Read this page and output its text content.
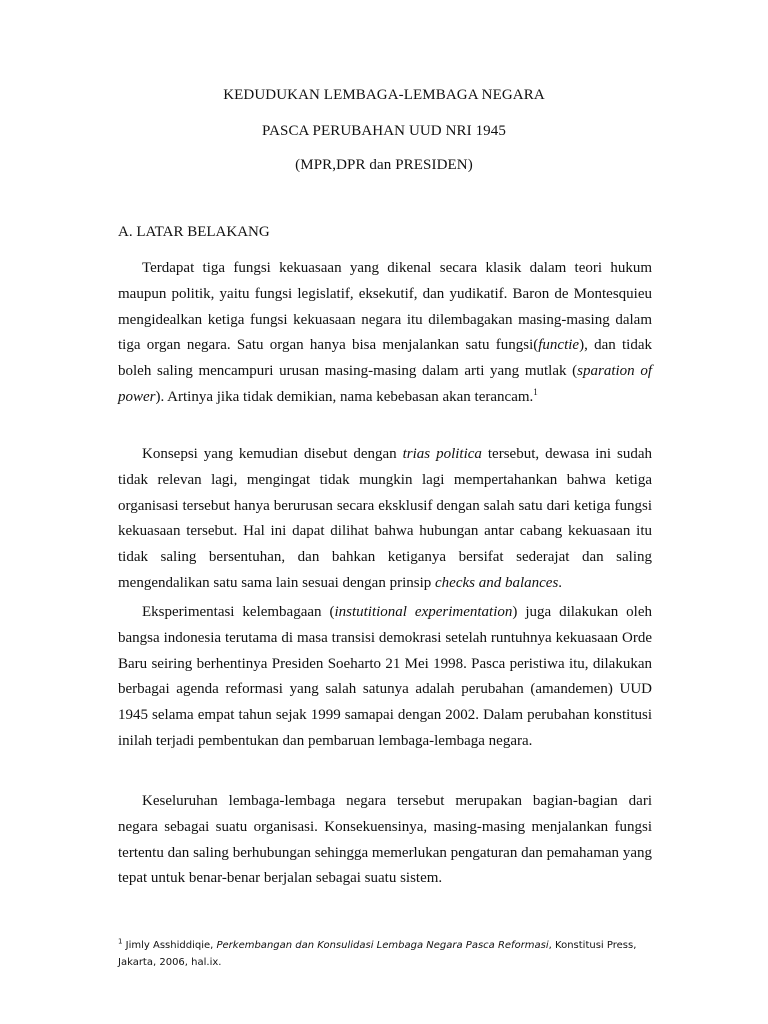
KEDUDUKAN LEMBAGA-LEMBAGA NEGARA
PASCA PERUBAHAN UUD NRI 1945
(MPR,DPR dan PRESIDEN)
A. LATAR BELAKANG

Terdapat tiga fungsi kekuasaan yang dikenal secara klasik dalam teori hukum maupun politik, yaitu fungsi legislatif, eksekutif, dan yudikatif. Baron de Montesquieu mengidealkan ketiga fungsi kekuasaan negara itu dilembagakan masing-masing dalam tiga organ negara. Satu organ hanya bisa menjalankan satu fungsi(functie), dan tidak boleh saling mencampuri urusan masing-masing dalam arti yang mutlak (sparation of power). Artinya jika tidak demikian, nama kebebasan akan terancam.$^1$

Konsepsi yang kemudian disebut dengan trias politica tersebut, dewasa ini sudah tidak relevan lagi, mengingat tidak mungkin lagi mempertahankan bahwa ketiga organisasi tersebut hanya berurusan secara eksklusif dengan salah satu dari ketiga fungsi kekuasaan tersebut. Hal ini dapat dilihat bahwa hubungan antar cabang kekuasaan itu tidak saling bersentuhan, dan bahkan ketiganya bersifat sederajat dan saling mengendalikan satu sama lain sesuai dengan prinsip checks and balances.

Eksperimentasi kelembagaan (instutitional experimentation) juga dilakukan oleh bangsa indonesia terutama di masa transisi demokrasi setelah runtuhnya kekuasaan Orde Baru seiring berhentinya Presiden Soeharto 21 Mei 1998. Pasca peristiwa itu, dilakukan berbagai agenda reformasi yang salah satunya adalah perubahan (amandemen) UUD 1945 selama empat tahun sejak 1999 samapai dengan 2002. Dalam perubahan konstitusi inilah terjadi pembentukan dan pembaruan lembaga-lembaga negara.

Keseluruhan lembaga-lembaga negara tersebut merupakan bagian-bagian dari negara sebagai suatu organisasi. Konsekuensinya, masing-masing menjalankan fungsi tertentu dan saling berhubungan sehingga memerlukan pengaturan dan pemahaman yang tepat untuk benar-benar berjalan sebagai suatu sistem.

$^1$ Jimly Asshiddiqie, Perkembangan dan Konsulidasi Lembaga Negara Pasca Reformasi, Konstitusi Press, Jakarta, 2006, hal.ix.
